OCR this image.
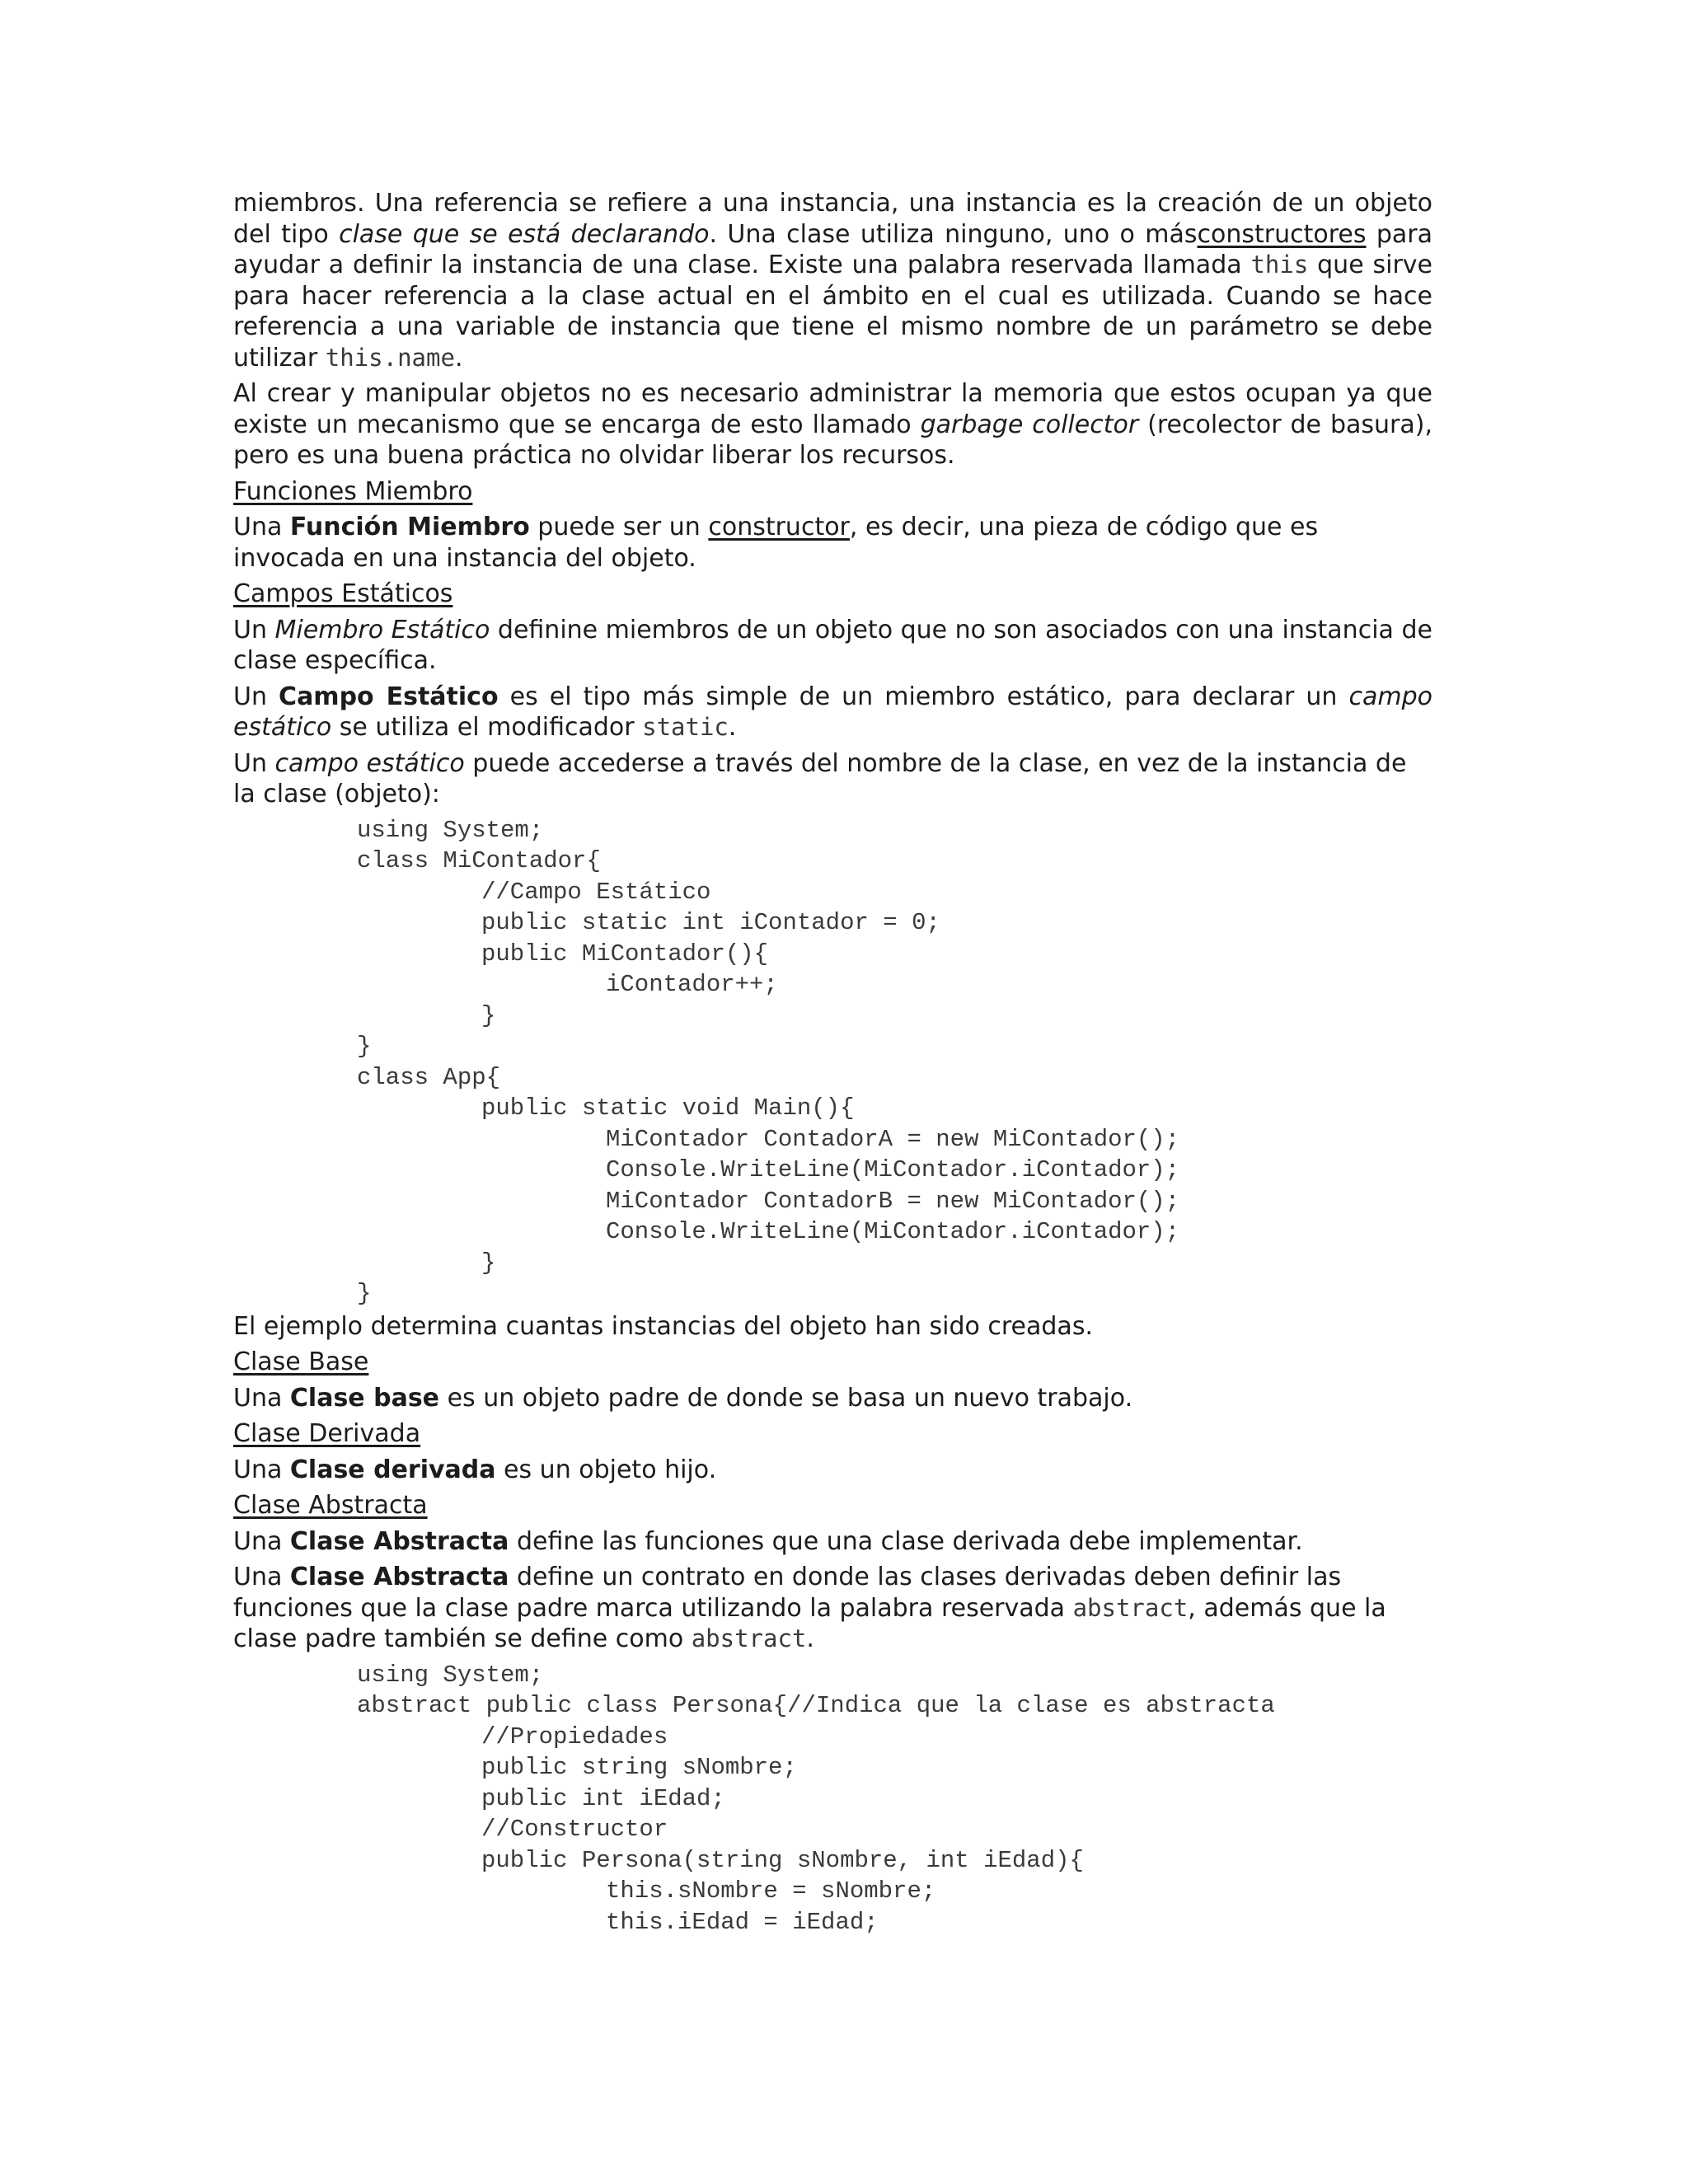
miembros. Una referencia se refiere a una instancia, una instancia es la creación de un objeto del tipo clase que se está declarando. Una clase utiliza ninguno, uno o másconstructores para ayudar a definir la instancia de una clase. Existe una palabra reservada llamada this que sirve para hacer referencia a la clase actual en el ámbito en el cual es utilizada. Cuando se hace referencia a una variable de instancia que tiene el mismo nombre de un parámetro se debe utilizar this.name.

Al crear y manipular objetos no es necesario administrar la memoria que estos ocupan ya que existe un mecanismo que se encarga de esto llamado garbage collector (recolector de basura), pero es una buena práctica no olvidar liberar los recursos.

Funciones Miembro

Una Función Miembro puede ser un constructor, es decir, una pieza de código que es invocada en una instancia del objeto.

Campos Estáticos

Un Miembro Estático definine miembros de un objeto que no son asociados con una instancia de clase específica.

Un Campo Estático es el tipo más simple de un miembro estático, para declarar un campo estático se utiliza el modificador static.

Un campo estático puede accederse a través del nombre de la clase, en vez de la instancia de la clase (objeto):

using System;
class MiContador{
//Campo Estático
public static int iContador = 0;
public MiContador(){
iContador++;
}
}
class App{
public static void Main(){
MiContador ContadorA = new MiContador();
Console.WriteLine(MiContador.iContador);
MiContador ContadorB = new MiContador();
Console.WriteLine(MiContador.iContador);
}
}

El ejemplo determina cuantas instancias del objeto han sido creadas.

Clase Base

Una Clase base es un objeto padre de donde se basa un nuevo trabajo.

Clase Derivada

Una Clase derivada es un objeto hijo.

Clase Abstracta

Una Clase Abstracta define las funciones que una clase derivada debe implementar.

Una Clase Abstracta define un contrato en donde las clases derivadas deben definir las funciones que la clase padre marca utilizando la palabra reservada abstract, además que la clase padre también se define como abstract.

using System;
abstract public class Persona{//Indica que la clase es abstracta
//Propiedades
public string sNombre;
public int iEdad;
//Constructor
public Persona(string sNombre, int iEdad){
this.sNombre = sNombre;
this.iEdad = iEdad;
